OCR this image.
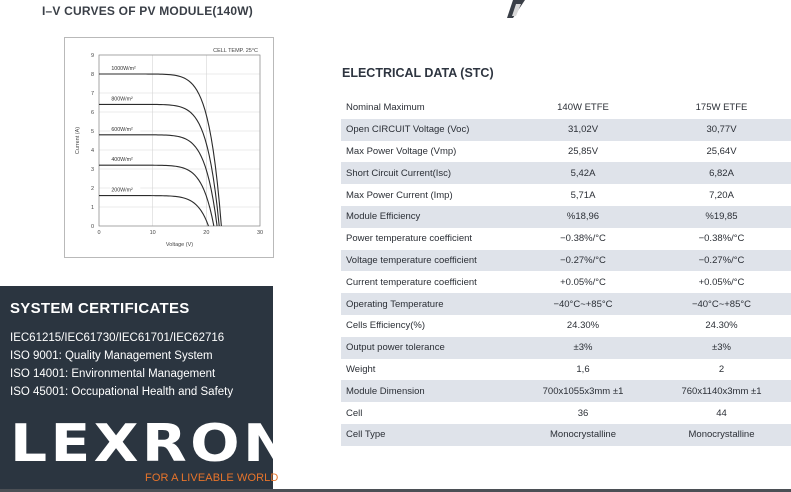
I–V CURVES OF PV MODULE(140W)
0
1
2
3
4
5
6
7
8
9
0	10	20	30
Voltage (V)
Current (A)
CELL TEMP. 25°C
1000W/m²
800W/m²
600W/m²
400W/m²
200W/m²
SYSTEM CERTIFICATES
IEC61215/IEC61730/IEC61701/IEC62716
ISO 9001: Quality Management System
ISO 14001: Environmental Management
ISO 45001: Occupational Health and Safety
LEXRON
FOR A LIVEABLE WORLD
ELECTRICAL DATA (STC)
Nominal Maximum	140W ETFE	175W ETFE
Open CIRCUIT Voltage (Voc)	31,02V	30,77V
Max Power Voltage (Vmp)	25,85V	25,64V
Short Circuit Current(Isc)	5,42A	6,82A
Max Power Current (Imp)	5,71A	7,20A
Module Efficiency	%18,96	%19,85
Power temperature coefficient	−0.38%/°C	−0.38%/°C
Voltage temperature coefficient	−0.27%/°C	−0.27%/°C
Current temperature coefficient	+0.05%/°C	+0.05%/°C
Operating Temperature	−40°C~+85°C	−40°C~+85°C
Cells Efficiency(%)	24.30%	24.30%
Output power tolerance	±3%	±3%
Weight	1,6	2
Module Dimension	700x1055x3mm ±1	760x1140x3mm ±1
Cell	36	44
Cell Type	Monocrystalline	Monocrystalline
